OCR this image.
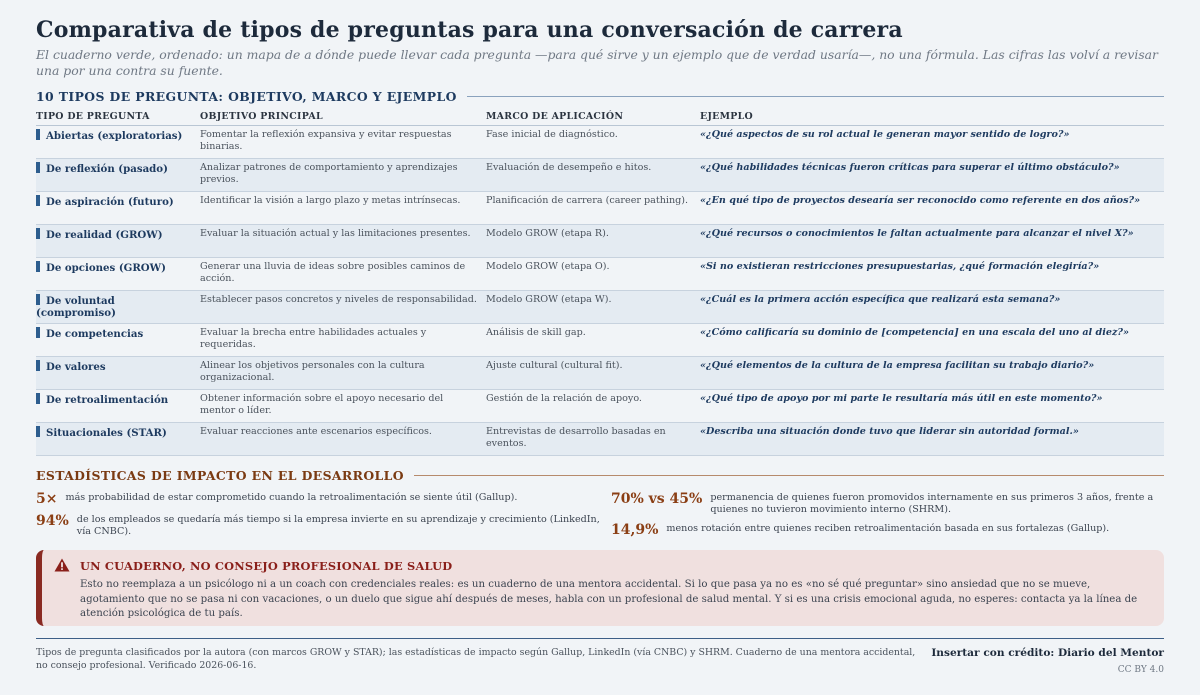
Comparativa de tipos de preguntas para una conversación de carrera

El cuaderno verde, ordenado: un mapa de a dónde puede llevar cada pregunta —para qué sirve y un ejemplo que de verdad usaría—, no una fórmula. Las cifras las volví a revisar una por una contra su fuente.

10 TIPOS DE PREGUNTA: OBJETIVO, MARCO Y EJEMPLO
TIPO DE PREGUNTA	OBJETIVO PRINCIPAL	MARCO DE APLICACIÓN	EJEMPLO
Abiertas (exploratorias)	Fomentar la reflexión expansiva y evitar respuestas binarias.	Fase inicial de diagnóstico.	«¿Qué aspectos de su rol actual le generan mayor sentido de logro?»
De reflexión (pasado)	Analizar patrones de comportamiento y aprendizajes previos.	Evaluación de desempeño e hitos.	«¿Qué habilidades técnicas fueron críticas para superar el último obstáculo?»
De aspiración (futuro)	Identificar la visión a largo plazo y metas intrínsecas.	Planificación de carrera (career pathing).	«¿En qué tipo de proyectos desearía ser reconocido como referente en dos años?»
De realidad (GROW)	Evaluar la situación actual y las limitaciones presentes.	Modelo GROW (etapa R).	«¿Qué recursos o conocimientos le faltan actualmente para alcanzar el nivel X?»
De opciones (GROW)	Generar una lluvia de ideas sobre posibles caminos de acción.	Modelo GROW (etapa O).	«Si no existieran restricciones presupuestarias, ¿qué formación elegiría?»
De voluntad (compromiso)	Establecer pasos concretos y niveles de responsabilidad.	Modelo GROW (etapa W).	«¿Cuál es la primera acción específica que realizará esta semana?»
De competencias	Evaluar la brecha entre habilidades actuales y requeridas.	Análisis de skill gap.	«¿Cómo calificaría su dominio de [competencia] en una escala del uno al diez?»
De valores	Alinear los objetivos personales con la cultura organizacional.	Ajuste cultural (cultural fit).	«¿Qué elementos de la cultura de la empresa facilitan su trabajo diario?»
De retroalimentación	Obtener información sobre el apoyo necesario del mentor o líder.	Gestión de la relación de apoyo.	«¿Qué tipo de apoyo por mi parte le resultaría más útil en este momento?»
Situacionales (STAR)	Evaluar reacciones ante escenarios específicos.	Entrevistas de desarrollo basadas en eventos.	«Describa una situación donde tuvo que liderar sin autoridad formal.»
ESTADÍSTICAS DE IMPACTO EN EL DESARROLLO
5× más probabilidad de estar comprometido cuando la retroalimentación se siente útil (Gallup).
94% de los empleados se quedaría más tiempo si la empresa invierte en su aprendizaje y crecimiento (LinkedIn, vía CNBC).
70% vs 45% permanencia de quienes fueron promovidos internamente en sus primeros 3 años, frente a quienes no tuvieron movimiento interno (SHRM).
14,9% menos rotación entre quienes reciben retroalimentación basada en sus fortalezas (Gallup).
UN CUADERNO, NO CONSEJO PROFESIONAL DE SALUD
Esto no reemplaza a un psicólogo ni a un coach con credenciales reales: es un cuaderno de una mentora accidental. Si lo que pasa ya no es «no sé qué preguntar» sino ansiedad que no se mueve, agotamiento que no se pasa ni con vacaciones, o un duelo que sigue ahí después de meses, habla con un profesional de salud mental. Y si es una crisis emocional aguda, no esperes: contacta ya la línea de atención psicológica de tu país.
Tipos de pregunta clasificados por la autora (con marcos GROW y STAR); las estadísticas de impacto según Gallup, LinkedIn (vía CNBC) y SHRM. Cuaderno de una mentora accidental, no consejo profesional. Verificado 2026-06-16.
Insertar con crédito: Diario del Mentor
CC BY 4.0
